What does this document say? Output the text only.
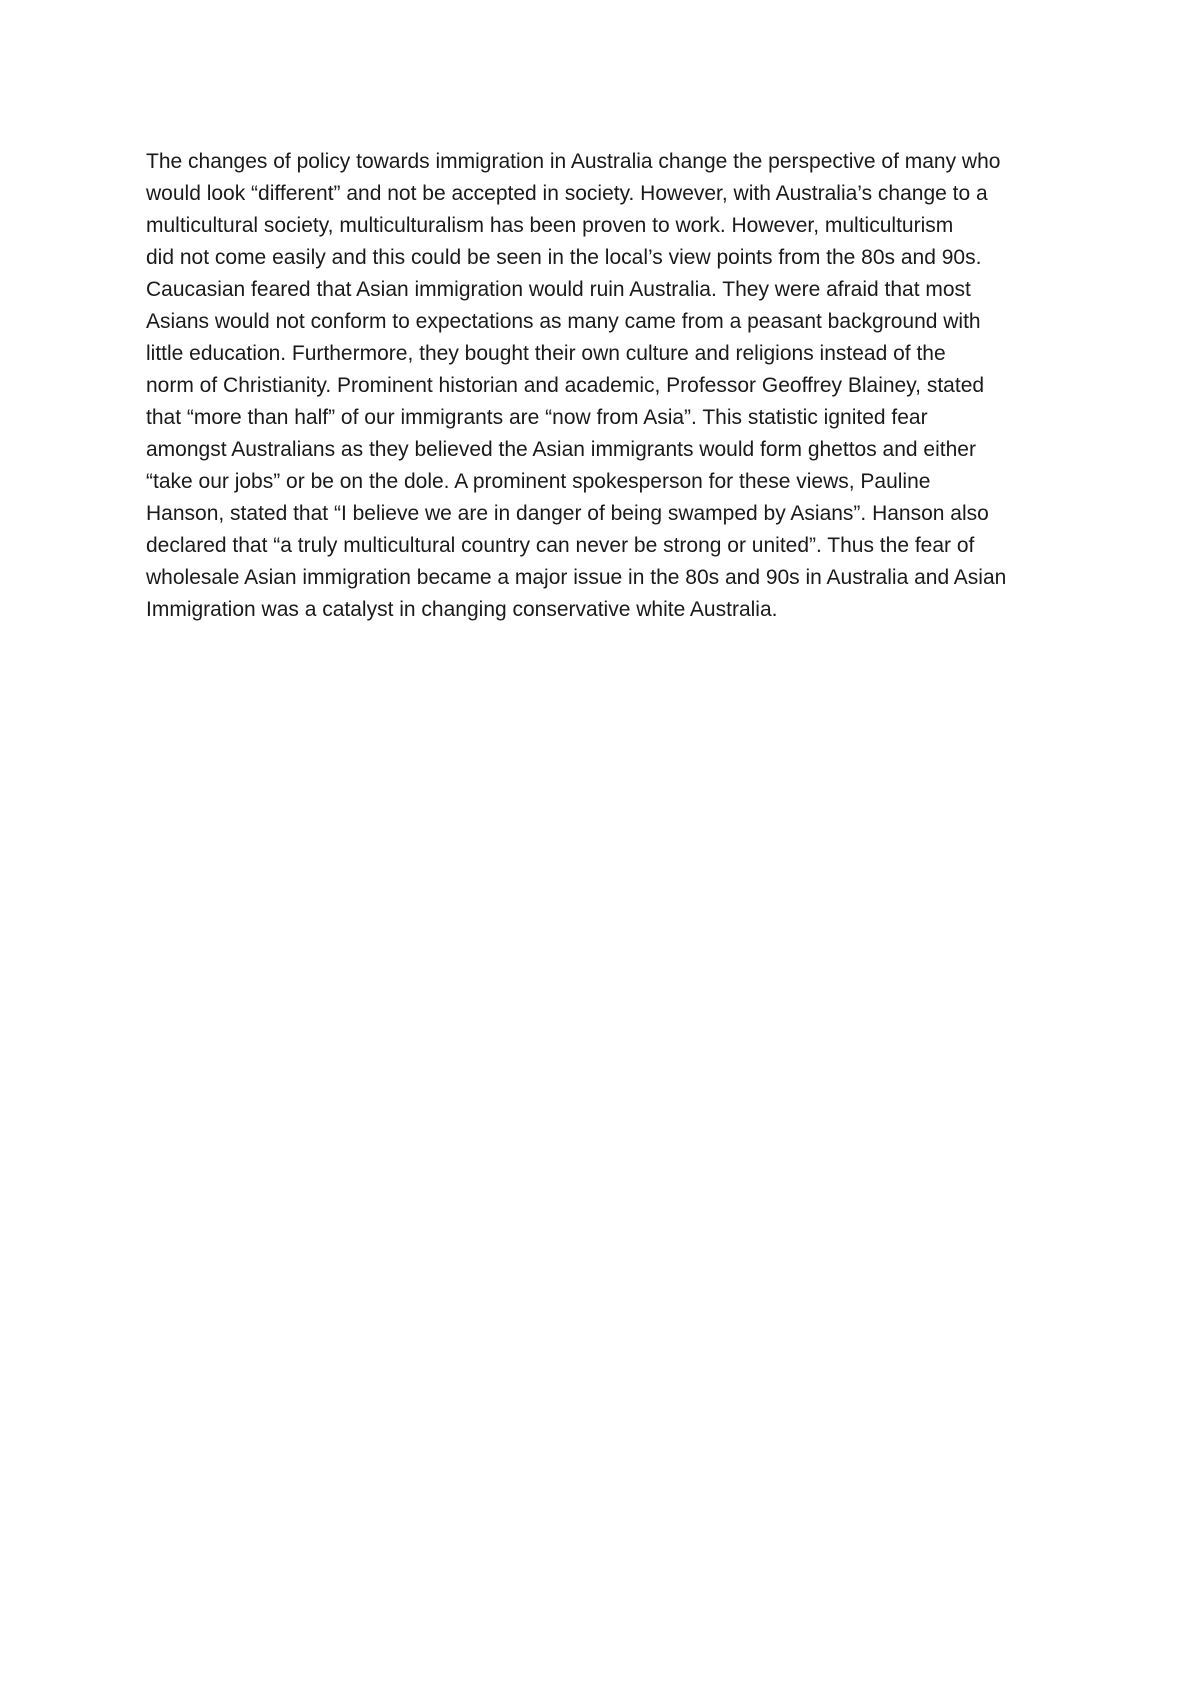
The changes of policy towards immigration in Australia change the perspective of many who
would look “different” and not be accepted in society. However, with Australia’s change to a
multicultural society, multiculturalism has been proven to work. However, multiculturism
did not come easily and this could be seen in the local’s view points from the 80s and 90s.
Caucasian feared that Asian immigration would ruin Australia. They were afraid that most
Asians would not conform to expectations as many came from a peasant background with
little education. Furthermore, they bought their own culture and religions instead of the
norm of Christianity. Prominent historian and academic, Professor Geoffrey Blainey, stated
that “more than half” of our immigrants are “now from Asia”. This statistic ignited fear
amongst Australians as they believed the Asian immigrants would form ghettos and either
“take our jobs” or be on the dole. A prominent spokesperson for these views, Pauline
Hanson, stated that “I believe we are in danger of being swamped by Asians”. Hanson also
declared that “a truly multicultural country can never be strong or united”. Thus the fear of
wholesale Asian immigration became a major issue in the 80s and 90s in Australia and Asian
Immigration was a catalyst in changing conservative white Australia.
